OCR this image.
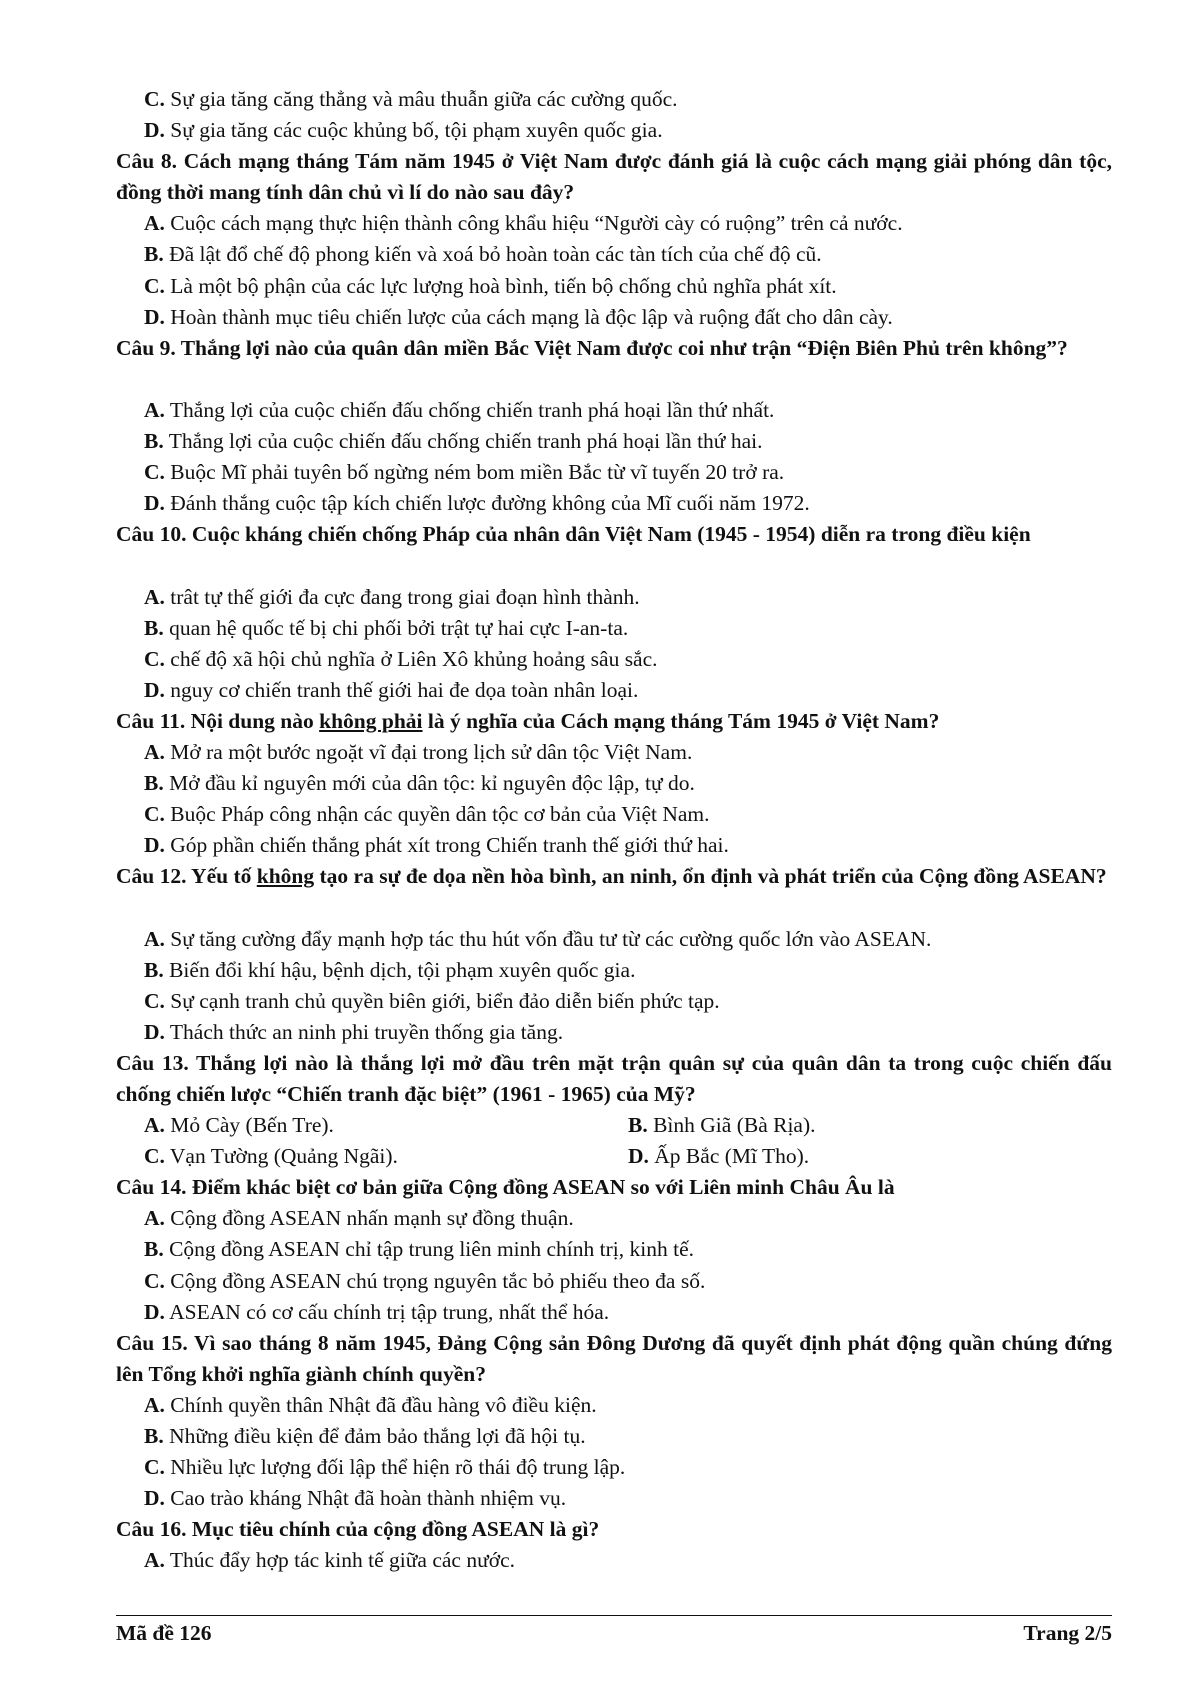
C. Sự gia tăng căng thẳng và mâu thuẫn giữa các cường quốc.
D. Sự gia tăng các cuộc khủng bố, tội phạm xuyên quốc gia.
Câu 8. Cách mạng tháng Tám năm 1945 ở Việt Nam được đánh giá là cuộc cách mạng giải phóng dân tộc, đồng thời mang tính dân chủ vì lí do nào sau đây?
A. Cuộc cách mạng thực hiện thành công khẩu hiệu “Người cày có ruộng” trên cả nước.
B. Đã lật đổ chế độ phong kiến và xoá bỏ hoàn toàn các tàn tích của chế độ cũ.
C. Là một bộ phận của các lực lượng hoà bình, tiến bộ chống chủ nghĩa phát xít.
D. Hoàn thành mục tiêu chiến lược của cách mạng là độc lập và ruộng đất cho dân cày.
Câu 9. Thắng lợi nào của quân dân miền Bắc Việt Nam được coi như trận “Điện Biên Phủ trên không”?
A. Thắng lợi của cuộc chiến đấu chống chiến tranh phá hoại lần thứ nhất.
B. Thắng lợi của cuộc chiến đấu chống chiến tranh phá hoại lần thứ hai.
C. Buộc Mĩ phải tuyên bố ngừng ném bom miền Bắc từ vĩ tuyến 20 trở ra.
D. Đánh thắng cuộc tập kích chiến lược đường không của Mĩ cuối năm 1972.
Câu 10. Cuộc kháng chiến chống Pháp của nhân dân Việt Nam (1945 - 1954) diễn ra trong điều kiện
A. trât tự thế giới đa cực đang trong giai đoạn hình thành.
B. quan hệ quốc tế bị chi phối bởi trật tự hai cực I-an-ta.
C. chế độ xã hội chủ nghĩa ở Liên Xô khủng hoảng sâu sắc.
D. nguy cơ chiến tranh thế giới hai đe dọa toàn nhân loại.
Câu 11. Nội dung nào không phải là ý nghĩa của Cách mạng tháng Tám 1945 ở Việt Nam?
A. Mở ra một bước ngoặt vĩ đại trong lịch sử dân tộc Việt Nam.
B. Mở đầu kỉ nguyên mới của dân tộc: kỉ nguyên độc lập, tự do.
C. Buộc Pháp công nhận các quyền dân tộc cơ bản của Việt Nam.
D. Góp phần chiến thắng phát xít trong Chiến tranh thế giới thứ hai.
Câu 12. Yếu tố không tạo ra sự đe dọa nền hòa bình, an ninh, ổn định và phát triển của Cộng đồng ASEAN?
A. Sự tăng cường đẩy mạnh hợp tác thu hút vốn đầu tư từ các cường quốc lớn vào ASEAN.
B. Biến đổi khí hậu, bệnh dịch, tội phạm xuyên quốc gia.
C. Sự cạnh tranh chủ quyền biên giới, biển đảo diễn biến phức tạp.
D. Thách thức an ninh phi truyền thống gia tăng.
Câu 13. Thắng lợi nào là thắng lợi mở đầu trên mặt trận quân sự của quân dân ta trong cuộc chiến đấu chống chiến lược “Chiến tranh đặc biệt” (1961 - 1965) của Mỹ?
A. Mỏ Cày (Bến Tre).	B. Bình Giã (Bà Rịa).
C. Vạn Tường (Quảng Ngãi).	D. Ấp Bắc (Mĩ Tho).
Câu 14. Điểm khác biệt cơ bản giữa Cộng đồng ASEAN so với Liên minh Châu Âu là
A. Cộng đồng ASEAN nhấn mạnh sự đồng thuận.
B. Cộng đồng ASEAN chỉ tập trung liên minh chính trị, kinh tế.
C. Cộng đồng ASEAN chú trọng nguyên tắc bỏ phiếu theo đa số.
D. ASEAN có cơ cấu chính trị tập trung, nhất thể hóa.
Câu 15. Vì sao tháng 8 năm 1945, Đảng Cộng sản Đông Dương đã quyết định phát động quần chúng đứng lên Tổng khởi nghĩa giành chính quyền?
A. Chính quyền thân Nhật đã đầu hàng vô điều kiện.
B. Những điều kiện để đảm bảo thắng lợi đã hội tụ.
C. Nhiều lực lượng đối lập thể hiện rõ thái độ trung lập.
D. Cao trào kháng Nhật đã hoàn thành nhiệm vụ.
Câu 16. Mục tiêu chính của cộng đồng ASEAN là gì?
A. Thúc đẩy hợp tác kinh tế giữa các nước.
Mã đề 126	Trang 2/5
